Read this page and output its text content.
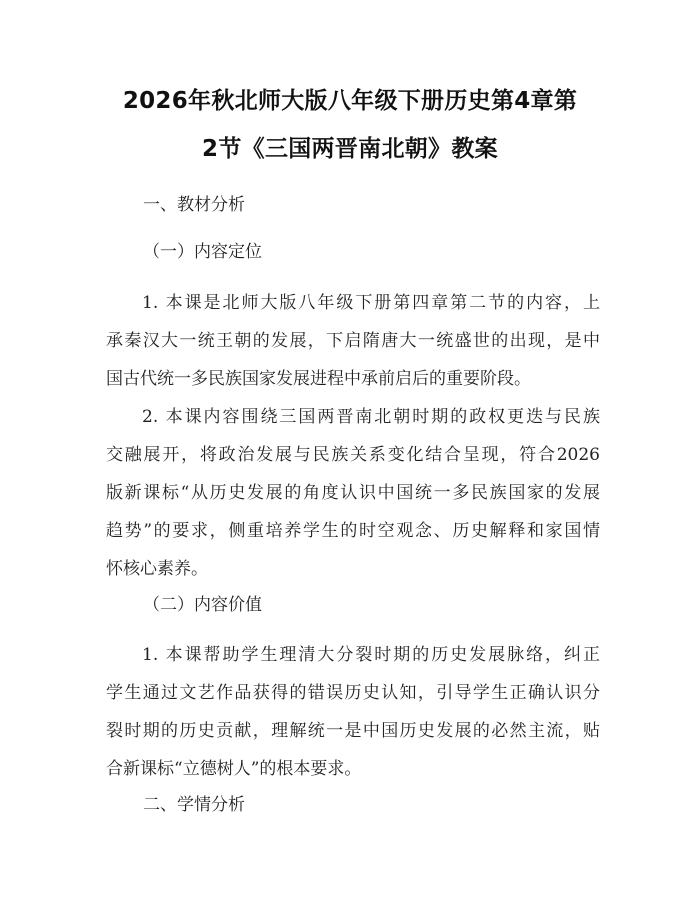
2026年秋北师大版八年级下册历史第4章第
2节《三国两晋南北朝》教案
一、教材分析
（一）内容定位
1. 本课是北师大版八年级下册第四章第二节的内容，上
承秦汉大一统王朝的发展，下启隋唐大一统盛世的出现，是中
国古代统一多民族国家发展进程中承前启后的重要阶段。
2. 本课内容围绕三国两晋南北朝时期的政权更迭与民族
交融展开，将政治发展与民族关系变化结合呈现，符合2026
版新课标“从历史发展的角度认识中国统一多民族国家的发展
趋势”的要求，侧重培养学生的时空观念、历史解释和家国情
怀核心素养。
（二）内容价值
1. 本课帮助学生理清大分裂时期的历史发展脉络，纠正
学生通过文艺作品获得的错误历史认知，引导学生正确认识分
裂时期的历史贡献，理解统一是中国历史发展的必然主流，贴
合新课标“立德树人”的根本要求。
二、学情分析
